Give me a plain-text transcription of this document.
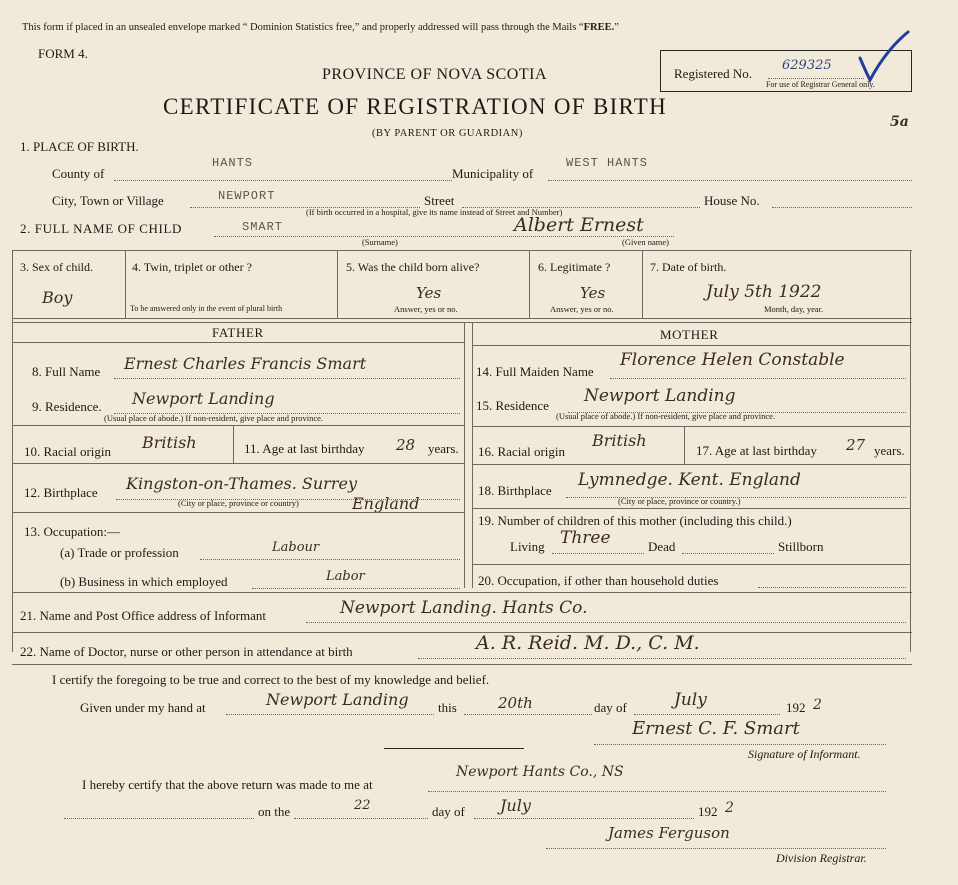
This form if placed in an unsealed envelope marked “ Dominion Statistics free,” and properly addressed will pass through the Mails “FREE.”
FORM 4.
PROVINCE OF NOVA SCOTIA
CERTIFICATE OF REGISTRATION OF BIRTH
(BY PARENT OR GUARDIAN)
Registered No.
629325
For use of Registrar General only.
5a
1. PLACE OF BIRTH.
County of
HANTS
Municipality of
WEST HANTS
City, Town or Village	NEWPORT	Street	House No.
(If birth occurred in a hospital, give its name instead of Street and Number)
2. FULL NAME OF CHILD	SMART	Albert Ernest
(Surname)	(Given name)
3. Sex of child.
Boy
4. Twin, triplet or other ?
To be answered only in the event of plural birth
5. Was the child born alive?
Yes
Answer, yes or no.
6. Legitimate ?
Yes
Answer, yes or no.
7. Date of birth.
July 5th 1922
Month, day, year.
FATHER	MOTHER
8. Full Name Ernest Charles Francis Smart
9. Residence. Newport Landing
(Usual place of abode.) If non-resident, give place and province.
10. Racial origin British	11. Age at last birthday 28 years.
12. Birthplace Kingston-on-Thames. Surrey
(City or place, province or country)	England
14. Full Maiden Name
Florence Helen Constable
15. Residence Newport Landing
(Usual place of abode.) If non-resident, give place and province.
16. Racial origin
British
17. Age at last birthday 27 years.
18. Birthplace
Lymnedge. Kent. England
(City or place, province or country.)
13. Occupation:—
(a) Trade or profession	Labour
(b) Business in which employed	Labor
19. Number of children of this mother (including this child.)
Living Three	Dead	Stillborn
20. Occupation, if other than household duties
21. Name and Post Office address of Informant	Newport Landing. Hants Co.
22. Name of Doctor, nurse or other person in attendance at birth	A. R. Reid. M. D., C. M.
I certify the foregoing to be true and correct to the best of my knowledge and belief.
Given under my hand at	Newport Landing this	20th	day of	July	192 2
Ernest C. F. Smart
Signature of Informant.
I hereby certify that the above return was made to me at
Newport Hants Co., NS
on the	22	day of July	192 2
James Ferguson
Division Registrar.
